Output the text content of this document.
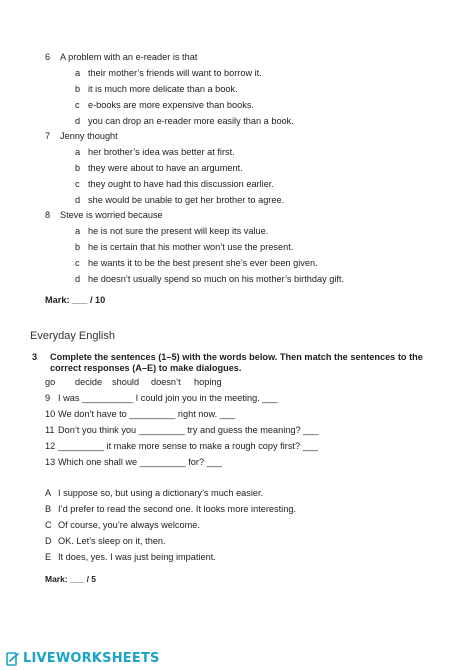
6 A problem with an e-reader is that
a their mother’s friends will want to borrow it.
b it is much more delicate than a book.
c e-books are more expensive than books.
d you can drop an e-reader more easily than a book.
7 Jenny thought
a her brother’s idea was better at first.
b they were about to have an argument.
c they ought to have had this discussion earlier.
d she would be unable to get her brother to agree.
8 Steve is worried because
a he is not sure the present will keep its value.
b he is certain that his mother won’t use the present.
c he wants it to be the best present she’s ever been given.
d he doesn’t usually spend so much on his mother’s birthday gift.
Mark: ___ / 10
Everyday English
3 Complete the sentences (1–5) with the words below. Then match the sentences to the correct responses (A–E) to make dialogues.
go decide should doesn’t hoping
9 I was __________ I could join you in the meeting. ___
10 We don’t have to _________ right now. ___
11 Don’t you think you _________ try and guess the meaning? ___
12 _________ it make more sense to make a rough copy first? ___
13 Which one shall we _________ for? ___
A I suppose so, but using a dictionary’s much easier.
B I’d prefer to read the second one. It looks more interesting.
C Of course, you’re always welcome.
D OK. Let’s sleep on it, then.
E It does, yes. I was just being impatient.
Mark: ___ / 5
LIVEWORKSHEETS
